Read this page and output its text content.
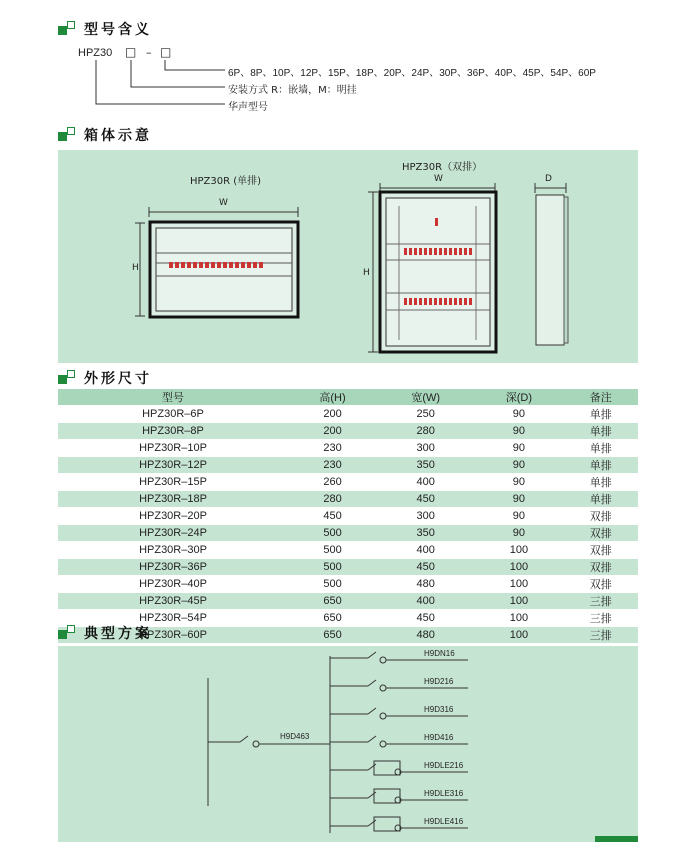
型号含义
HPZ30 □ – □
6P、8P、10P、12P、15P、18P、20P、24P、30P、36P、40P、45P、54P、60P
安装方式 R：嵌墙，M：明挂
华声型号
箱体示意
HPZ30R (单排)
HPZ30R（双排）
W
H
W
H
D
外形尺寸
型号	高(H)	宽(W)	深(D)	备注
HPZ30R–6P	200	250	90	单排
HPZ30R–8P	200	280	90	单排
HPZ30R–10P	230	300	90	单排
HPZ30R–12P	230	350	90	单排
HPZ30R–15P	260	400	90	单排
HPZ30R–18P	280	450	90	单排
HPZ30R–20P	450	300	90	双排
HPZ30R–24P	500	350	90	双排
HPZ30R–30P	500	400	100	双排
HPZ30R–36P	500	450	100	双排
HPZ30R–40P	500	480	100	双排
HPZ30R–45P	650	400	100	三排
HPZ30R–54P	650	450	100	三排
HPZ30R–60P	650	480	100	三排
典型方案
H9D463
H9DN16
H9D216
H9D316
H9D416
H9DLE216
H9DLE316
H9DLE416
